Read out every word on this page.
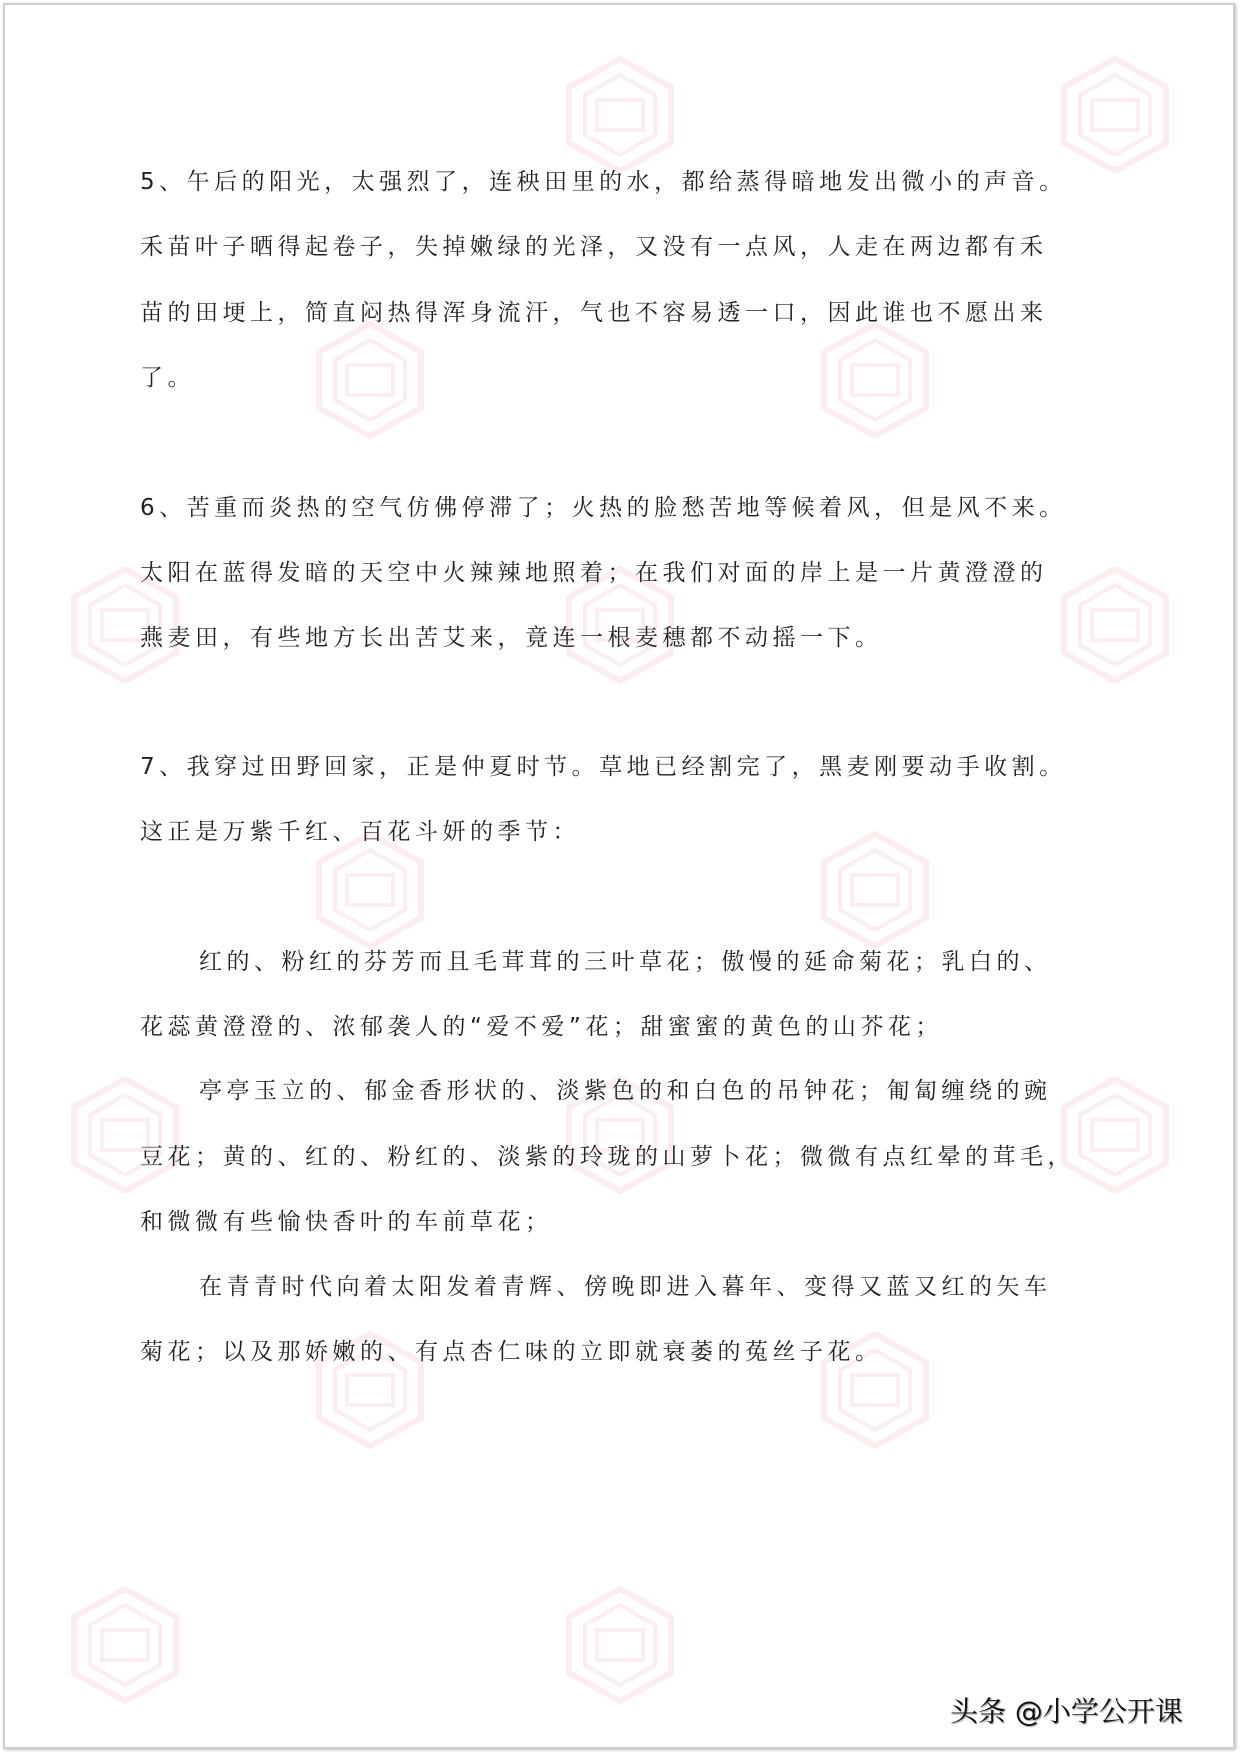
5、午后的阳光，太强烈了，连秧田里的水，都给蒸得暗地发出微小的声音。
禾苗叶子晒得起卷子，失掉嫩绿的光泽，又没有一点风，人走在两边都有禾
苗的田埂上，简直闷热得浑身流汗，气也不容易透一口，因此谁也不愿出来
了。
6、苦重而炎热的空气仿佛停滞了；火热的脸愁苦地等候着风，但是风不来。
太阳在蓝得发暗的天空中火辣辣地照着；在我们对面的岸上是一片黄澄澄的
燕麦田，有些地方长出苦艾来，竟连一根麦穗都不动摇一下。
7、我穿过田野回家，正是仲夏时节。草地已经割完了，黑麦刚要动手收割。
这正是万紫千红、百花斗妍的季节：
红的、粉红的芬芳而且毛茸茸的三叶草花；傲慢的延命菊花；乳白的、
花蕊黄澄澄的、浓郁袭人的“爱不爱”花；甜蜜蜜的黄色的山芥花；
亭亭玉立的、郁金香形状的、淡紫色的和白色的吊钟花；匍匐缠绕的豌
豆花；黄的、红的、粉红的、淡紫的玲珑的山萝卜花；微微有点红晕的茸毛，
和微微有些愉快香叶的车前草花；
在青青时代向着太阳发着青辉、傍晚即进入暮年、变得又蓝又红的矢车
菊花；以及那娇嫩的、有点杏仁味的立即就衰萎的菟丝子花。
头条 @小学公开课
